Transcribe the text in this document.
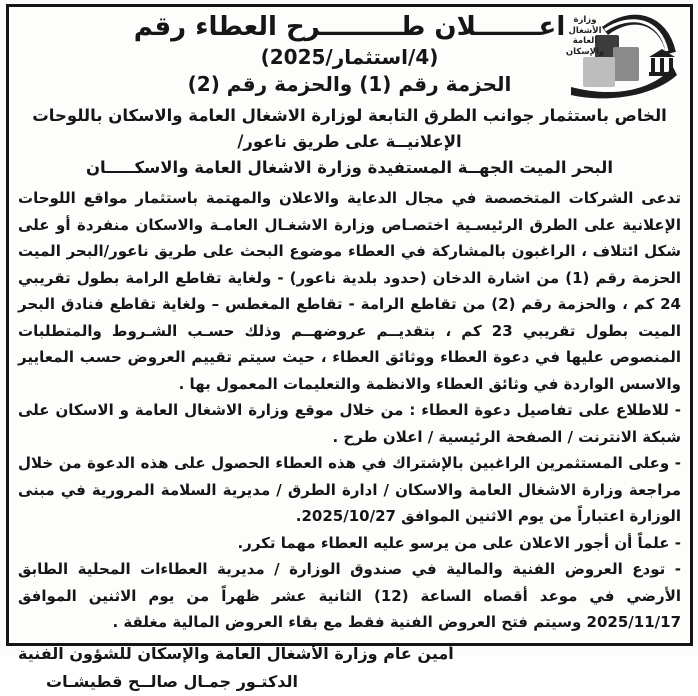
وزارة
الأشغال
العامة
والإسكان
اعـــــــلان طـــــــــرح العطاء رقم
(4/استثمار/2025)
الحزمة رقم (1) والحزمة رقم (2)
الخاص باستثمار جوانب الطرق التابعة لوزارة الاشغال العامة والاسكان باللوحات الإعلانيــة على طريق ناعور/
البحر الميت الجهــة المستفيدة وزارة الاشغال العامة والاسكـــــان

تدعى الشركات المتخصصة في مجال الدعاية والاعلان والمهتمة باستثمار مواقع اللوحات الإعلانية على الطرق الرئيسـية اختصـاص وزارة الاشغـال العامـة والاسكان منفردة أو على شكل ائتلاف ، الراغبون بالمشاركة في العطاء موضوع البحث على طريق ناعور/البحر الميت الحزمة رقم (1) من اشارة الدخان (حدود بلدية ناعور) - ولغاية تقاطع الرامة بطول تقريبي 24 كم ، والحزمة رقم (2) من تقاطع الرامة - تقاطع المغطس – ولغاية تقاطع فنادق البحر الميت بطول تقريبي 23 كم ، بتقديــم عروضهــم وذلك حسـب الشـروط والمتطلبات المنصوص عليها في دعوة العطاء ووثائق العطاء ، حيث سيتم تقييم العروض حسب المعايير والاسس الواردة في وثائق العطاء والانظمة والتعليمات المعمول بها .

- للاطلاع على تفاصيل دعوة العطاء : من خلال موقع وزارة الاشغال العامة و الاسكان على شبكة الانترنت / الصفحة الرئيسية / اعلان طرح .

- وعلى المستثمرين الراغبين بالإشتراك في هذه العطاء الحصول على هذه الدعوة من خلال مراجعة وزارة الاشغال العامة والاسكان / ادارة الطرق / مديرية السلامة المرورية في مبنى الوزارة اعتباراً من يوم الاثنين الموافق 2025/10/27.

- علماً أن أجور الاعلان على من يرسو عليه العطاء مهما تكرر.

- تودع العروض الفنية والمالية في صندوق الوزارة / مديرية العطاءات المحلية الطابق الأرضي في موعد أقصاه الساعة (12) الثانية عشر ظهراً من يوم الاثنين الموافق 2025/11/17 وسيتم فتح العروض الفنية فقط مع بقاء العروض المالية مغلقة .

أمين عام وزارة الأشغال العامة والإسكان للشؤون الفنية
الدكتـور جمـال صالــح قطيشـات
